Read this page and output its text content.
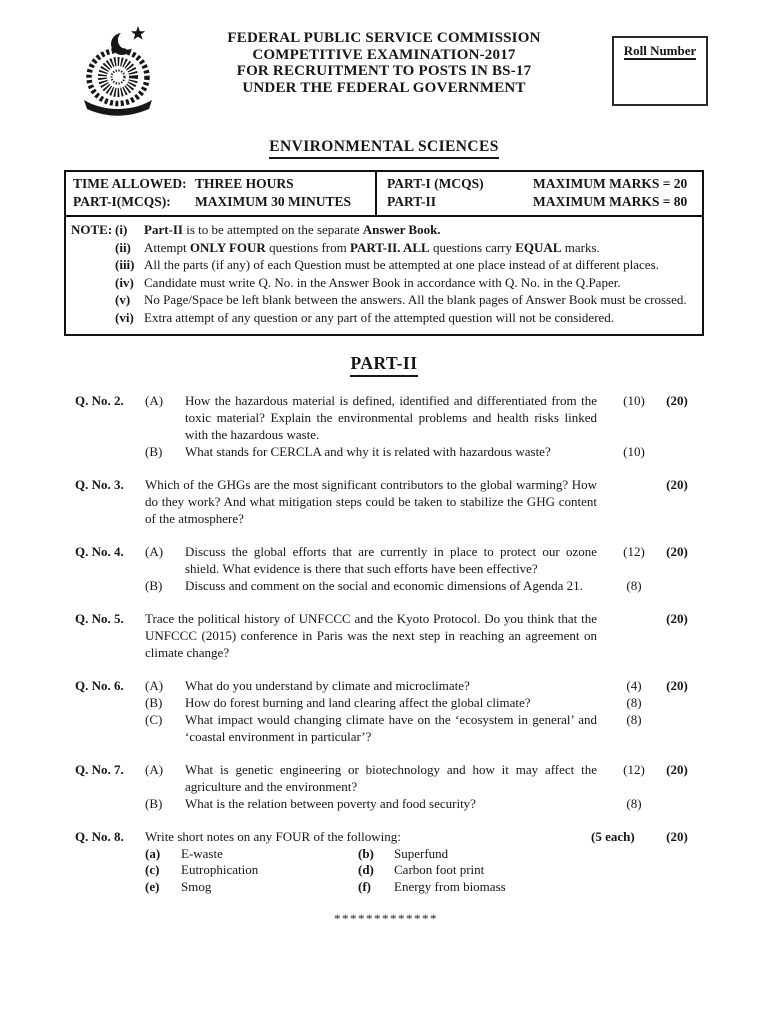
FEDERAL PUBLIC SERVICE COMMISSION
COMPETITIVE EXAMINATION-2017
FOR RECRUITMENT TO POSTS IN BS-17
UNDER THE FEDERAL GOVERNMENT
Roll Number
ENVIRONMENTAL SCIENCES
TIME ALLOWED: THREE HOURS
PART-I(MCQS):	MAXIMUM 30 MINUTES
PART-I (MCQS)	MAXIMUM MARKS = 20
PART-II	MAXIMUM MARKS = 80
NOTE: (i)	Part-II is to be attempted on the separate Answer Book.
(ii)	Attempt ONLY FOUR questions from PART-II. ALL questions carry EQUAL marks.
(iii) All the parts (if any) of each Question must be attempted at one place instead of at different places.
(iv) Candidate must write Q. No. in the Answer Book in accordance with Q. No. in the Q.Paper.
(v)	No Page/Space be left blank between the answers. All the blank pages of Answer Book must be crossed.
(vi) Extra attempt of any question or any part of the attempted question will not be considered.
PART-II
Q. No. 2.	(A)	How the hazardous material is defined, identified and differentiated from the toxic material? Explain the environmental problems and health risks linked with the hazardous waste.
(10)	(20)
(B)	What stands for CERCLA and why it is related with hazardous waste?	(10)
Q. No. 3.	Which of the GHGs are the most significant contributors to the global warming? How do they work? And what mitigation steps could be taken to stabilize the GHG content of the atmosphere?
(20)
Q. No. 4.	(A)	Discuss the global efforts that are currently in place to protect our ozone shield. What evidence is there that such efforts have been effective?
(12)	(20)
(B)	Discuss and comment on the social and economic dimensions of Agenda 21.	(8)
Q. No. 5.	Trace the political history of UNFCCC and the Kyoto Protocol. Do you think that the UNFCCC (2015) conference in Paris was the next step in reaching an agreement on climate change?
(20)
Q. No. 6.	(A)	What do you understand by climate and microclimate?	(4)	(20)
(B)	How do forest burning and land clearing affect the global climate?	(8)
(C)	What impact would changing climate have on the ‘ecosystem in general’ and ‘coastal environment in particular’?
(8)
Q. No. 7.	(A)	What is genetic engineering or biotechnology and how it may affect the agriculture and the environment?
(12)	(20)
(B)	What is the relation between poverty and food security?	(8)
Q. No. 8.	Write short notes on any FOUR of the following:	(5 each)	(20)
(a)	E-waste	(b)	Superfund
(c)	Eutrophication	(d)	Carbon foot print
(e)	Smog	(f)	Energy from biomass
*************
